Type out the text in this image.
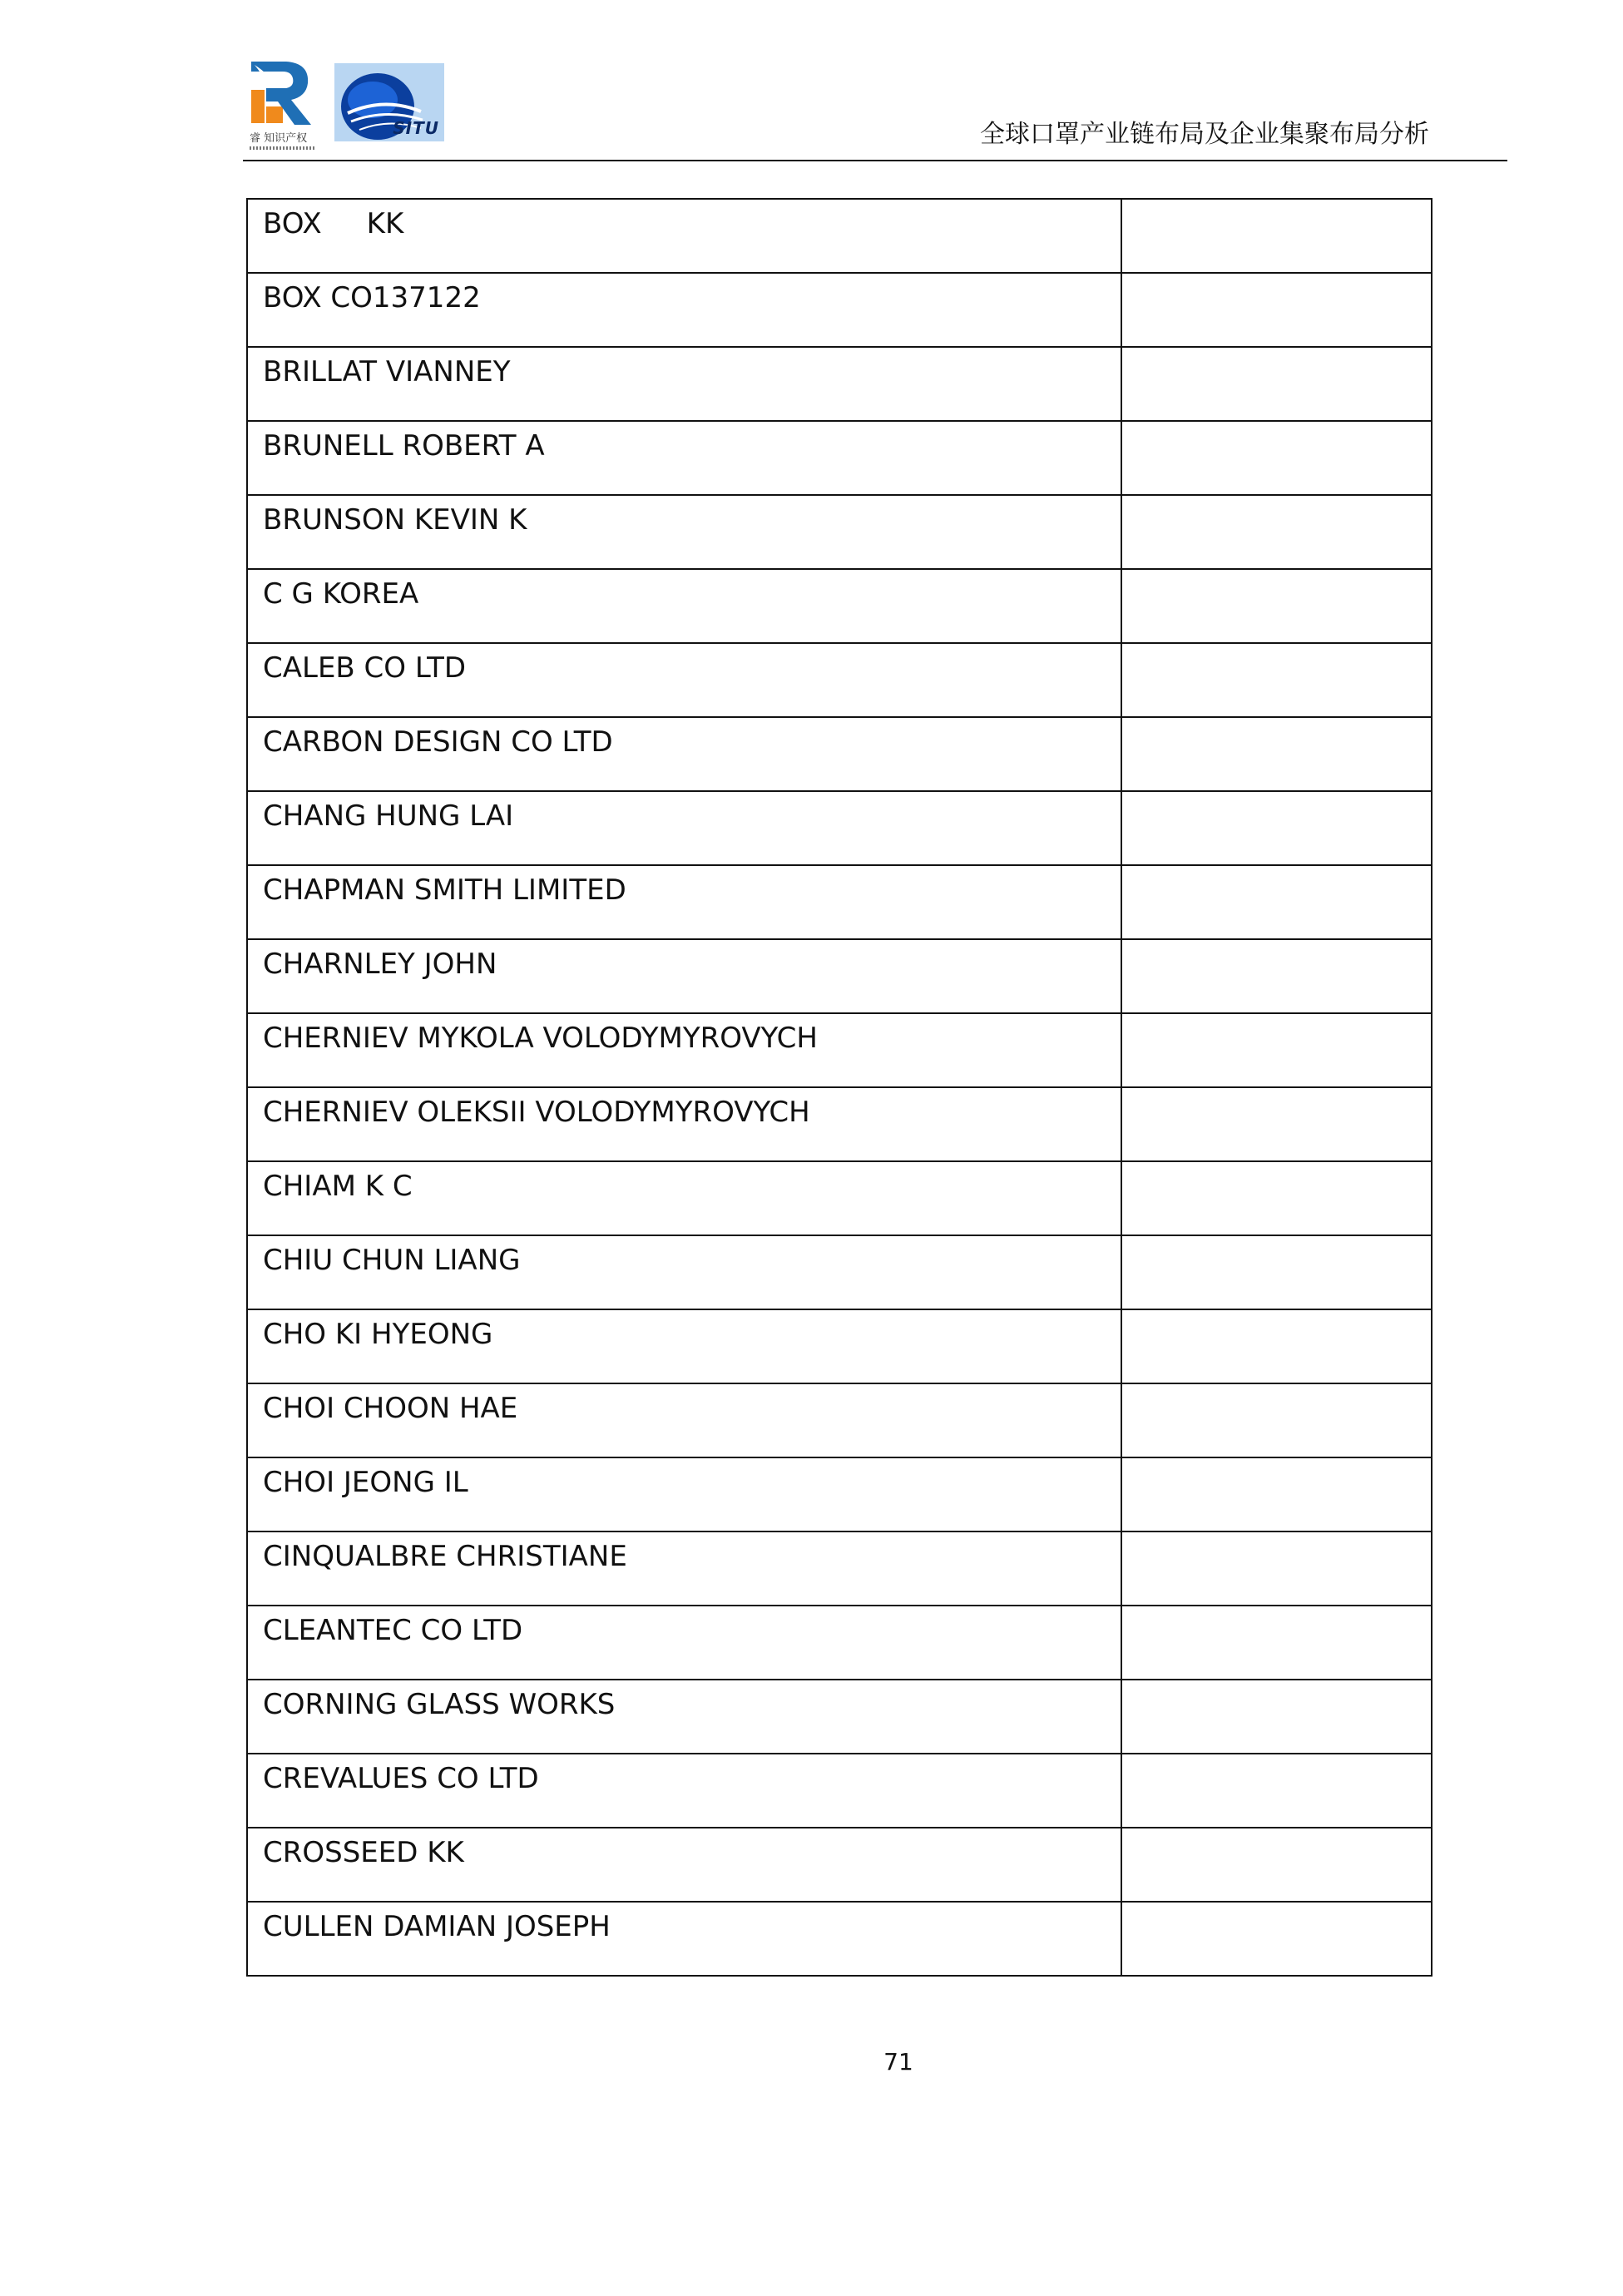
睿 知识产权
SITU	全球口罩产业链布局及企业集聚布局分析
BOX     KK	

BOX CO137122	

BRILLAT VIANNEY	

BRUNELL ROBERT A	

BRUNSON KEVIN K	

C G KOREA	

CALEB CO LTD	

CARBON DESIGN CO LTD	

CHANG HUNG LAI	

CHAPMAN SMITH LIMITED	

CHARNLEY JOHN	

CHERNIEV MYKOLA VOLODYMYROVYCH	

CHERNIEV OLEKSII VOLODYMYROVYCH	

CHIAM K C	

CHIU CHUN LIANG	

CHO KI HYEONG	

CHOI CHOON HAE	

CHOI JEONG IL	

CINQUALBRE CHRISTIANE	

CLEANTEC CO LTD	

CORNING GLASS WORKS	

CREVALUES CO LTD	

CROSSEED KK	

CULLEN DAMIAN JOSEPH	

71
